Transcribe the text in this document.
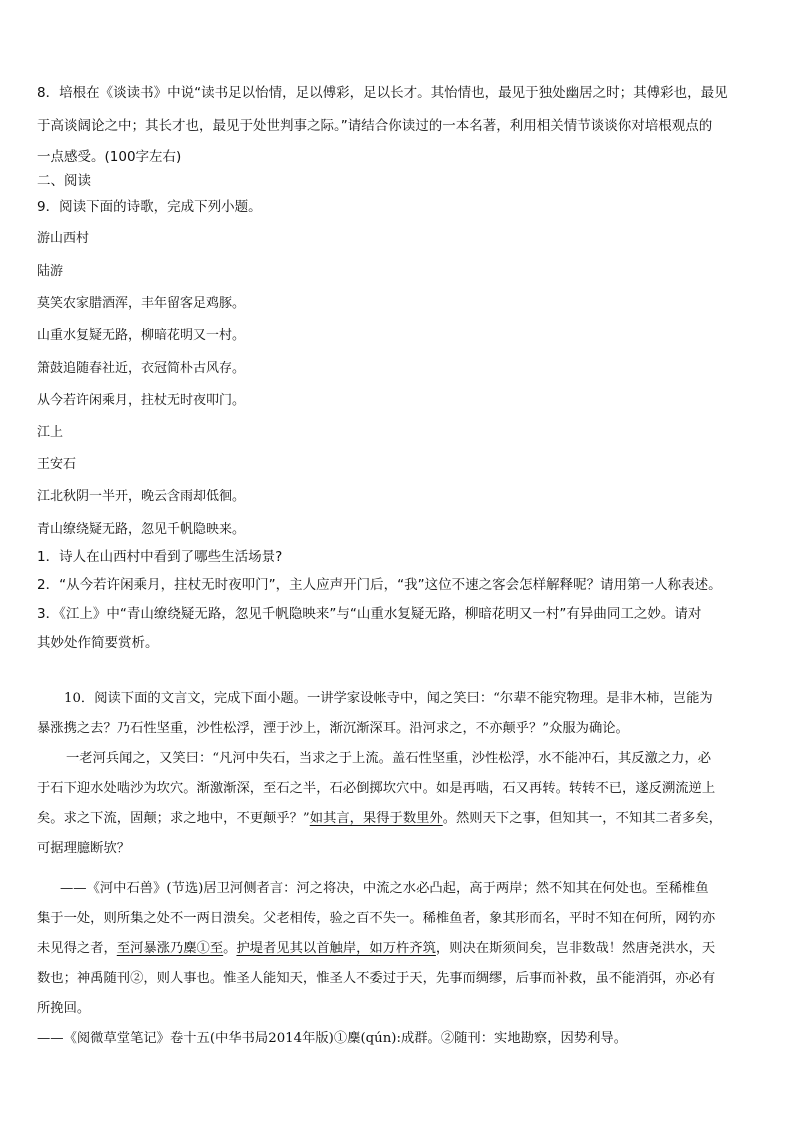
8．培根在《谈读书》中说“读书足以怡情，足以傅彩，足以长才。其怡情也，最见于独处幽居之时；其傅彩也，最见
于高谈阔论之中；其长才也，最见于处世判事之际。”请结合你读过的一本名著，利用相关情节谈谈你对培根观点的
一点感受。(100字左右)
二、阅读
9．阅读下面的诗歌，完成下列小题。
游山西村
陆游
莫笑农家腊酒浑，丰年留客足鸡豚。
山重水复疑无路，柳暗花明又一村。
箫鼓追随春社近，衣冠简朴古风存。
从今若许闲乘月，拄杖无时夜叩门。
江上
王安石
江北秋阴一半开，晚云含雨却低徊。
青山缭绕疑无路，忽见千帆隐映来。
1．诗人在山西村中看到了哪些生活场景?
2．“从今若许闲乘月，拄杖无时夜叩门”，主人应声开门后，“我”这位不速之客会怎样解释呢？请用第一人称表述。
3．《江上》中“青山缭绕疑无路，忽见千帆隐映来”与“山重水复疑无路，柳暗花明又一村”有异曲同工之妙。请对
其妙处作简要赏析。
10．阅读下面的文言文，完成下面小题。一讲学家设帐寺中，闻之笑曰：“尔辈不能究物理。是非木柿，岂能为
暴涨携之去？乃石性坚重，沙性松浮，湮于沙上，渐沉渐深耳。沿河求之，不亦颠乎？”众服为确论。
一老河兵闻之，又笑曰：“凡河中失石，当求之于上流。盖石性坚重，沙性松浮，水不能冲石，其反激之力，必
于石下迎水处啮沙为坎穴。渐激渐深，至石之半，石必倒掷坎穴中。如是再啮，石又再转。转转不已，遂反溯流逆上
矣。求之下流，固颠；求之地中，不更颠乎？”如其言，果得于数里外。然则天下之事，但知其一，不知其二者多矣，
可据理臆断欤？
——《河中石兽》(节选)居卫河侧者言：河之将决，中流之水必凸起，高于两岸；然不知其在何处也。至稀椎鱼
集于一处，则所集之处不一两日溃矣。父老相传，验之百不失一。稀椎鱼者，象其形而名，平时不知在何所，网钓亦
未见得之者，至河暴涨乃麇①至。护堤者见其以首触岸，如万杵齐筑，则决在斯须间矣，岂非数哉！然唐尧洪水，天
数也；神禹随刊②，则人事也。惟圣人能知天，惟圣人不委过于天，先事而绸缪，后事而补救，虽不能消弭，亦必有
所挽回。
——《阅微草堂笔记》卷十五(中华书局2014年版)①麇(qún):成群。②随刊：实地勘察，因势利导。
